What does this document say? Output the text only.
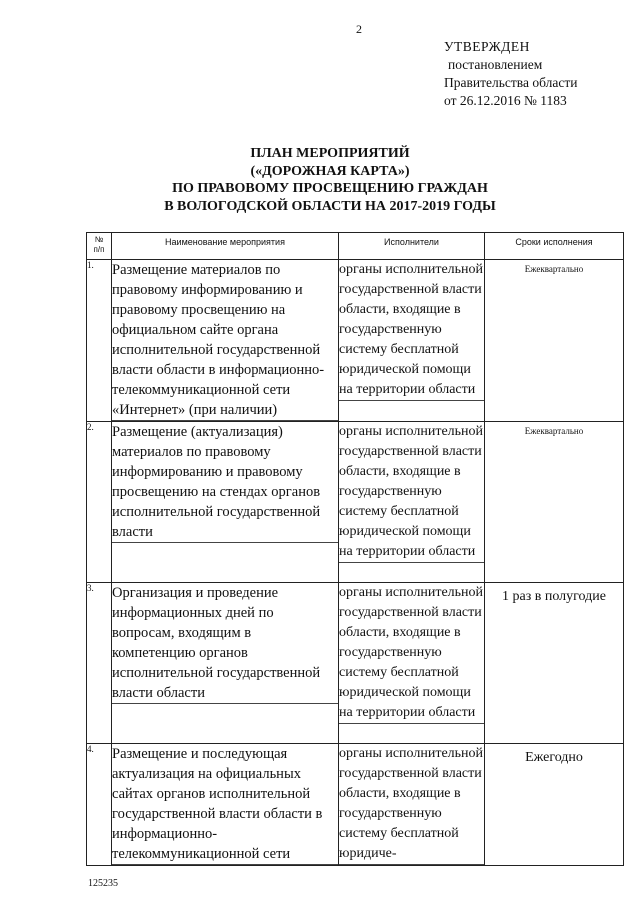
2
УТВЕРЖДЕН
постановлением
Правительства области
от 26.12.2016 № 1183
ПЛАН МЕРОПРИЯТИЙ
(«ДОРОЖНАЯ КАРТА»)
ПО ПРАВОВОМУ ПРОСВЕЩЕНИЮ ГРАЖДАН
В ВОЛОГОДСКОЙ ОБЛАСТИ НА 2017-2019 ГОДЫ
№
п/п	Наименование мероприятия	Исполнители	Сроки исполнения

1.	Размещение материалов по правовому информированию и правовому просвещению на официальном сайте органа исполнительной государственной власти области в информационно-телекоммуникационной сети «Интернет» (при наличии)	органы исполнительной государственной власти области, входящие в государственную систему бесплатной юридической помощи на территории области	Ежеквартально

2.	Размещение (актуализация) материалов по правовому информированию и правовому просвещению на стендах органов исполнительной государственной власти	органы исполнительной государственной власти области, входящие в государственную систему бесплатной юридической помощи на территории области	Ежеквартально

3.	Организация и проведение информационных дней по вопросам, входящим в компетенцию органов исполнительной государственной власти области	органы исполнительной государственной власти области, входящие в государственную систему бесплатной юридической помощи на территории области	1 раз в полугодие

4.	Размещение и последующая актуализация на официальных сайтах органов исполнительной государственной власти области в информационно-телекоммуникационной сети	органы исполнительной государственной власти области, входящие в государственную систему бесплатной юридиче-	Ежегодно
125235
